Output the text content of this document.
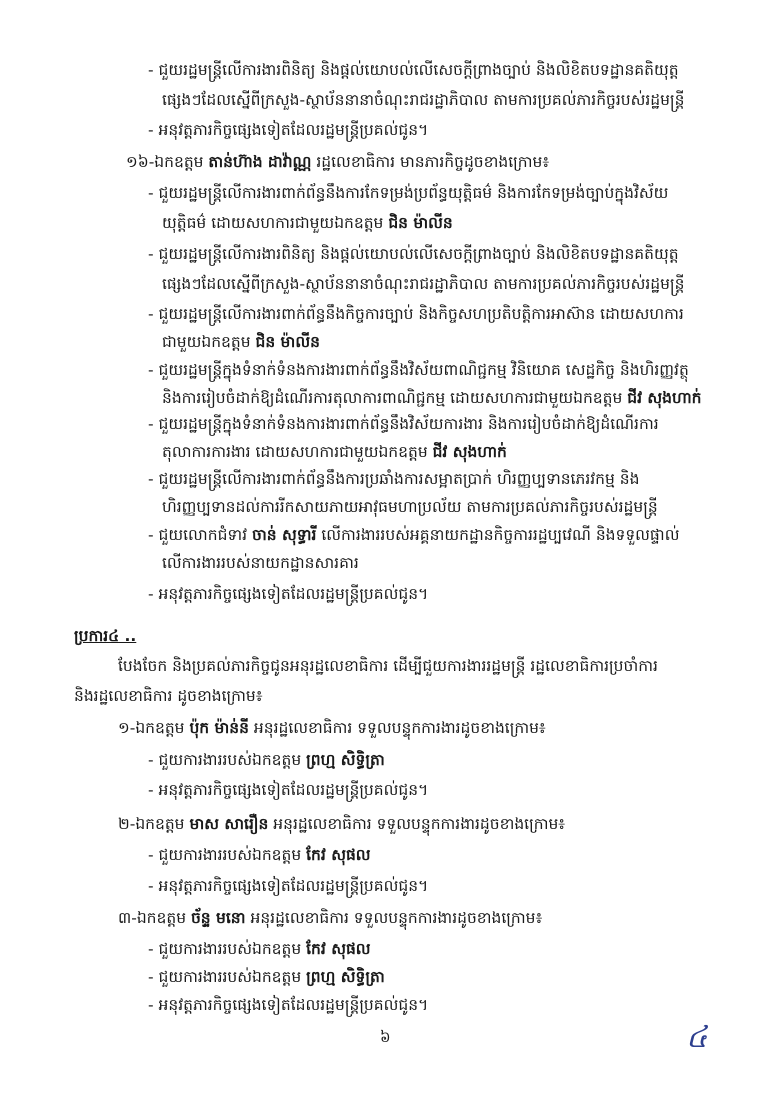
- ជួយរដ្ឋមន្ត្រីលើការងារពិនិត្យ និងផ្តល់យោបល់លើសេចក្តីព្រាងច្បាប់ និងលិខិតបទដ្ឋានគតិយុត្ត
ផ្សេងៗដែលស្នើពីក្រសួង-ស្ថាប័ននានាចំណុះរាជរដ្ឋាភិបាល តាមការប្រគល់ភារកិច្ចរបស់រដ្ឋមន្ត្រី
- អនុវត្តភារកិច្ចផ្សេងទៀតដែលរដ្ឋមន្ត្រីប្រគល់ជូន។
១៦-ឯកឧត្តម តាន់ហ៊ាង ដាវ៉ាណ្ណ រដ្ឋលេខាធិការ មានភារកិច្ចដូចខាងក្រោម៖
- ជួយរដ្ឋមន្ត្រីលើការងារពាក់ព័ន្ធនឹងការកែទម្រង់ប្រព័ន្ធយុត្តិធម៌ និងការកែទម្រង់ច្បាប់ក្នុងវិស័យ
យុត្តិធម៌ ដោយសហការជាមួយឯកឧត្តម ជិន ម៉ាលីន
- ជួយរដ្ឋមន្ត្រីលើការងារពិនិត្យ និងផ្តល់យោបល់លើសេចក្តីព្រាងច្បាប់ និងលិខិតបទដ្ឋានគតិយុត្ត
ផ្សេងៗដែលស្នើពីក្រសួង-ស្ថាប័ននានាចំណុះរាជរដ្ឋាភិបាល តាមការប្រគល់ភារកិច្ចរបស់រដ្ឋមន្ត្រី
- ជួយរដ្ឋមន្ត្រីលើការងារពាក់ព័ន្ធនឹងកិច្ចការច្បាប់ និងកិច្ចសហប្រតិបត្តិការអាស៊ាន ដោយសហការ
ជាមួយឯកឧត្តម ជិន ម៉ាលីន
- ជួយរដ្ឋមន្ត្រីក្នុងទំនាក់ទំនងការងារពាក់ព័ន្ធនឹងវិស័យពាណិជ្ជកម្ម វិនិយោគ សេដ្ឋកិច្ច និងហិរញ្ញវត្ថុ
និងការរៀបចំដាក់ឱ្យដំណើរការតុលាការពាណិជ្ជកម្ម ដោយសហការជាមួយឯកឧត្តម ជីវ សុងហាក់
- ជួយរដ្ឋមន្ត្រីក្នុងទំនាក់ទំនងការងារពាក់ព័ន្ធនឹងវិស័យការងារ និងការរៀបចំដាក់ឱ្យដំណើរការ
តុលាការការងារ ដោយសហការជាមួយឯកឧត្តម ជីវ សុងហាក់
- ជួយរដ្ឋមន្ត្រីលើការងារពាក់ព័ន្ធនឹងការប្រឆាំងការសម្អាតប្រាក់ ហិរញ្ញប្បទានភេរវកម្ម និង
ហិរញ្ញប្បទានដល់ការរីកសាយភាយអាវុធមហាប្រល័យ តាមការប្រគល់ភារកិច្ចរបស់រដ្ឋមន្ត្រី
- ជួយលោកជំទាវ ចាន់ សុទ្ធារី លើការងាររបស់អគ្គនាយកដ្ឋានកិច្ចការរដ្ឋប្បវេណី និងទទួលផ្ទាល់
លើការងាររបស់នាយកដ្ឋានសារគារ
- អនុវត្តភារកិច្ចផ្សេងទៀតដែលរដ្ឋមន្ត្រីប្រគល់ជូន។
ប្រការ៤ ..
បែងចែក និងប្រគល់ភារកិច្ចជូនអនុរដ្ឋលេខាធិការ ដើម្បីជួយការងាររដ្ឋមន្ត្រី រដ្ឋលេខាធិការប្រចាំការ
និងរដ្ឋលេខាធិការ ដូចខាងក្រោម៖
១-ឯកឧត្តម ប៉ុក ម៉ាន់នី អនុរដ្ឋលេខាធិការ ទទួលបន្ទុកការងារដូចខាងក្រោម៖
- ជួយការងាររបស់ឯកឧត្តម ព្រហ្ម សិទ្ធិត្រា
- អនុវត្តភារកិច្ចផ្សេងទៀតដែលរដ្ឋមន្ត្រីប្រគល់ជូន។
២-ឯកឧត្តម មាស សារឿន អនុរដ្ឋលេខាធិការ ទទួលបន្ទុកការងារដូចខាងក្រោម៖
- ជួយការងាររបស់ឯកឧត្តម កែវ សុផល
- អនុវត្តភារកិច្ចផ្សេងទៀតដែលរដ្ឋមន្ត្រីប្រគល់ជូន។
៣-ឯកឧត្តម ច័ន្ទ មនោ អនុរដ្ឋលេខាធិការ ទទួលបន្ទុកការងារដូចខាងក្រោម៖
- ជួយការងាររបស់ឯកឧត្តម កែវ សុផល
- ជួយការងាររបស់ឯកឧត្តម ព្រហ្ម សិទ្ធិត្រា
- អនុវត្តភារកិច្ចផ្សេងទៀតដែលរដ្ឋមន្ត្រីប្រគល់ជូន។
៦	៤
